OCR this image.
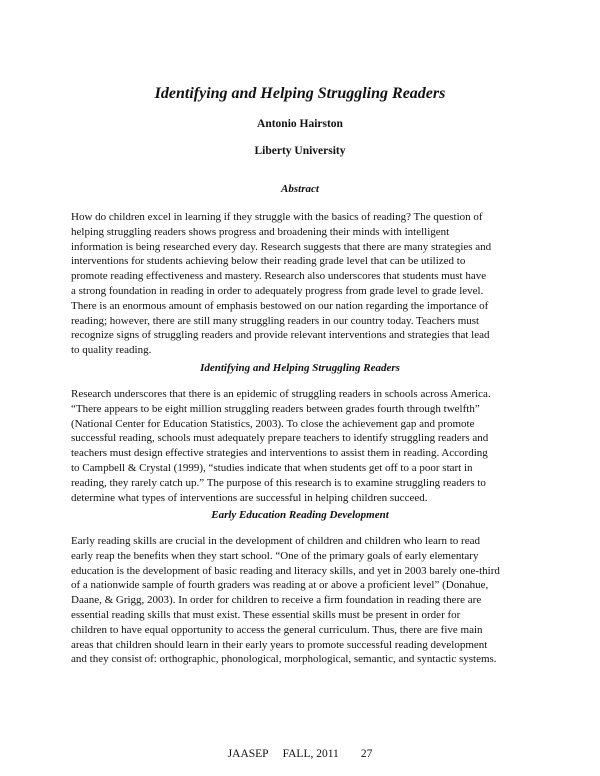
Identifying and Helping Struggling Readers
Antonio Hairston
Liberty University
Abstract
How do children excel in learning if they struggle with the basics of reading? The question of
helping struggling readers shows progress and broadening their minds with intelligent
information is being researched every day. Research suggests that there are many strategies and
interventions for students achieving below their reading grade level that can be utilized to
promote reading effectiveness and mastery. Research also underscores that students must have
a strong foundation in reading in order to adequately progress from grade level to grade level.
There is an enormous amount of emphasis bestowed on our nation regarding the importance of
reading; however, there are still many struggling readers in our country today. Teachers must
recognize signs of struggling readers and provide relevant interventions and strategies that lead
to quality reading.
Identifying and Helping Struggling Readers
Research underscores that there is an epidemic of struggling readers in schools across America.
“There appears to be eight million struggling readers between grades fourth through twelfth”
(National Center for Education Statistics, 2003). To close the achievement gap and promote
successful reading, schools must adequately prepare teachers to identify struggling readers and
teachers must design effective strategies and interventions to assist them in reading. According
to Campbell & Crystal (1999), “studies indicate that when students get off to a poor start in
reading, they rarely catch up.” The purpose of this research is to examine struggling readers to
determine what types of interventions are successful in helping children succeed.
Early Education Reading Development
Early reading skills are crucial in the development of children and children who learn to read
early reap the benefits when they start school. “One of the primary goals of early elementary
education is the development of basic reading and literacy skills, and yet in 2003 barely one-third
of a nationwide sample of fourth graders was reading at or above a proficient level” (Donahue,
Daane, & Grigg, 2003). In order for children to receive a firm foundation in reading there are
essential reading skills that must exist. These essential skills must be present in order for
children to have equal opportunity to access the general curriculum. Thus, there are five main
areas that children should learn in their early years to promote successful reading development
and they consist of: orthographic, phonological, morphological, semantic, and syntactic systems.
JAASEP FALL, 2011 27
